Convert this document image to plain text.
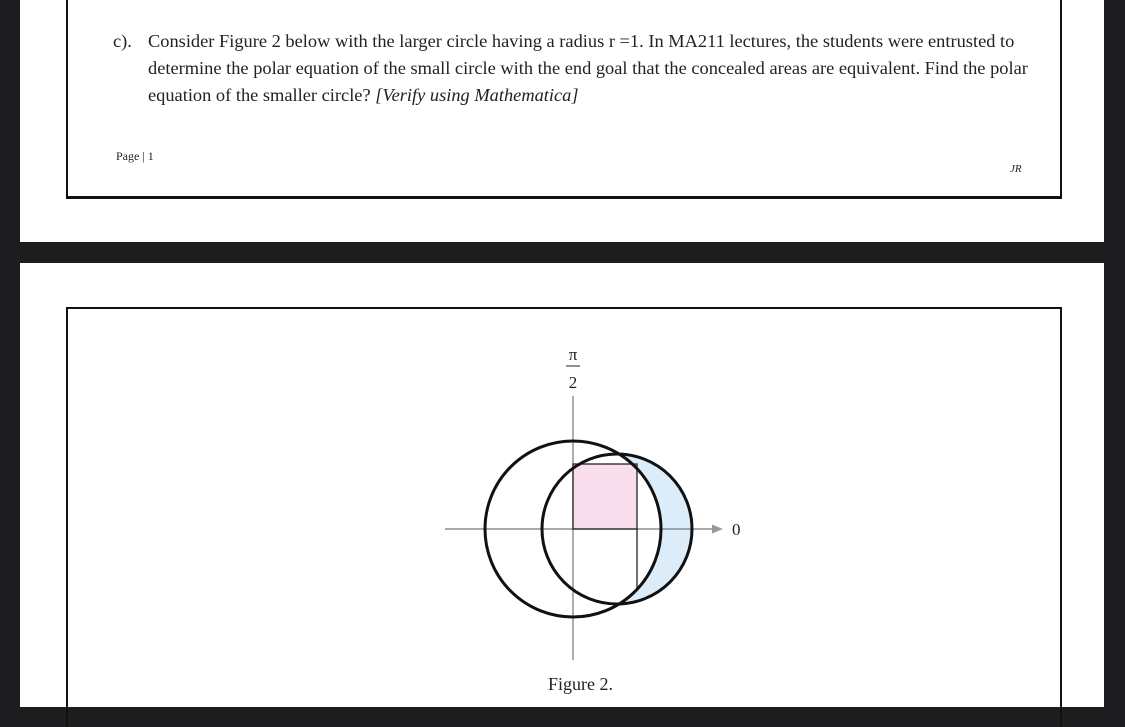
c). Consider Figure 2 below with the larger circle having a radius r =1. In MA211 lectures, the students were entrusted to determine the polar equation of the small circle with the end goal that the concealed areas are equivalent. Find the polar equation of the smaller circle? [Verify using Mathematica]
Page | 1
JR
π
2
0
Figure 2.
